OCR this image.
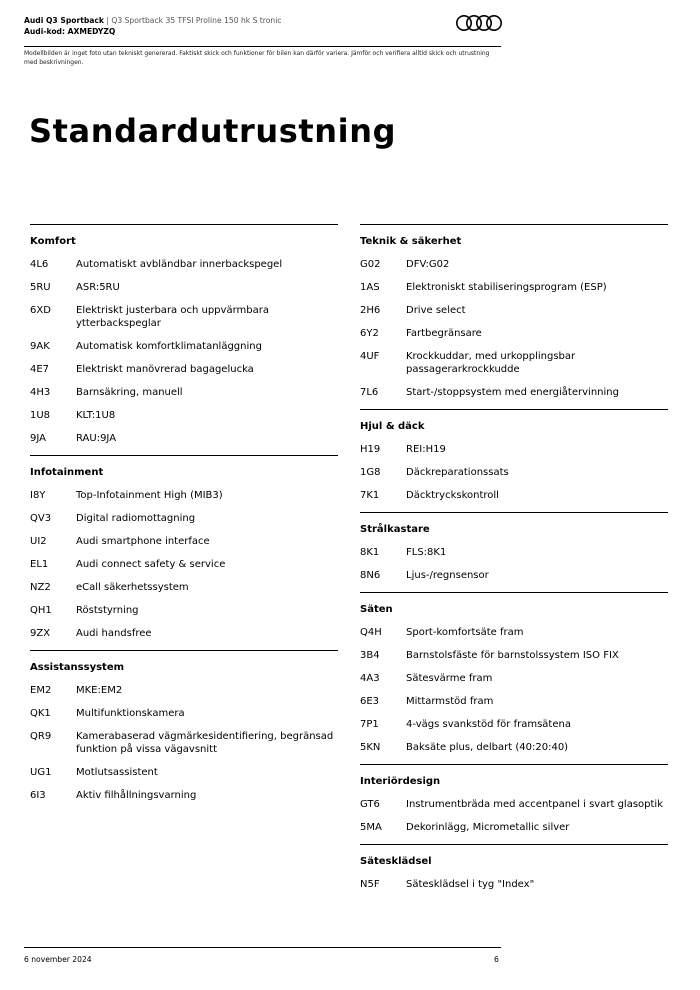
Audi Q3 Sportback | Q3 Sportback 35 TFSI Proline 150 hk S tronic
Audi-kod: AXMEDYZQ
Modellbilden är inget foto utan tekniskt genererad. Faktiskt skick och funktioner för bilen kan därför variera. Jämför och verifiera alltid skick och utrustning med beskrivningen.
Standardutrustning
Komfort
4L6	Automatiskt avbländbar innerbackspegel
5RU	ASR:5RU
6XD	Elektriskt justerbara och uppvärmbara ytterbackspeglar
9AK	Automatisk komfortklimatanläggning
4E7	Elektriskt manövrerad bagagelucka
4H3	Barnsäkring, manuell
1U8	KLT:1U8
9JA	RAU:9JA
Infotainment
I8Y	Top-Infotainment High (MIB3)
QV3	Digital radiomottagning
UI2	Audi smartphone interface
EL1	Audi connect safety & service
NZ2	eCall säkerhetssystem
QH1	Röststyrning
9ZX	Audi handsfree
Assistanssystem
EM2	MKE:EM2
QK1	Multifunktionskamera
QR9	Kamerabaserad vägmärkesidentifiering, begränsad funktion på vissa vägavsnitt
UG1	Motlutsassistent
6I3	Aktiv filhållningsvarning
Teknik & säkerhet
G02	DFV:G02
1AS	Elektroniskt stabiliseringsprogram (ESP)
2H6	Drive select
6Y2	Fartbegränsare
4UF	Krockkuddar, med urkopplingsbar passagerarkrockkudde
7L6	Start-/stoppsystem med energiåtervinning
Hjul & däck
H19	REI:H19
1G8	Däckreparationssats
7K1	Däcktryckskontroll
Strålkastare
8K1	FLS:8K1
8N6	Ljus-/regnsensor
Säten
Q4H	Sport-komfortsäte fram
3B4	Barnstolsfäste för barnstolssystem ISO FIX
4A3	Sätesvärme fram
6E3	Mittarmstöd fram
7P1	4-vägs svankstöd för framsätena
5KN	Baksäte plus, delbart (40:20:40)
Interiördesign
GT6	Instrumentbräda med accentpanel i svart glasoptik
5MA	Dekorinlägg, Micrometallic silver
Sätesklädsel
N5F	Sätesklädsel i tyg "Index"
6 november 2024	6
